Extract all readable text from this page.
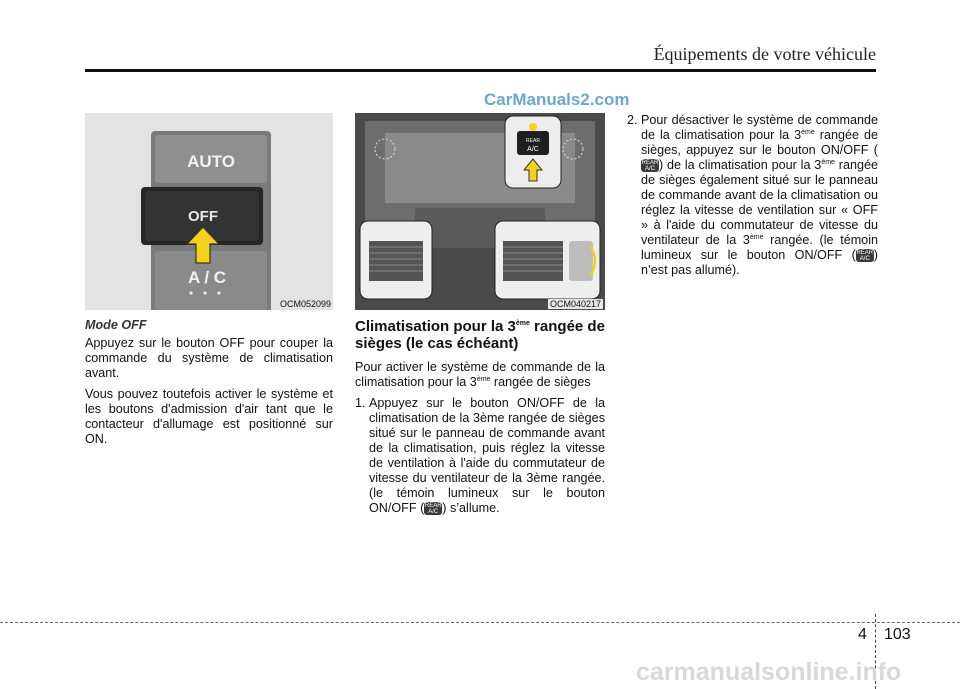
Équipements de votre véhicule
CarManuals2.com
AUTO
OFF
A / C
OCM052099
REAR
A/C
OCM040217

Mode OFF

Appuyez sur le bouton OFF pour couper la commande du système de climatisation avant.

Vous pouvez toutefois activer le système et les boutons d'admission d'air tant que le contacteur d'allumage est positionné sur ON.

Climatisation pour la 3ème rangée de sièges (le cas échéant)

Pour activer le système de commande de la climatisation pour la 3ème rangée de sièges

1. Appuyez sur le bouton ON/OFF de la climatisation de la 3ème rangée de sièges situé sur le panneau de commande avant de la climatisation, puis réglez la vitesse de ventilation à l'aide du commutateur de vitesse du ventilateur de la 3ème rangée. (le témoin lumineux sur le bouton ON/OFF ( REAR
A/C ) s’allume.
2. Pour désactiver le système de commande de la climatisation pour la 3ème rangée de sièges, appuyez sur le bouton ON/OFF (
REAR
A/C ) de la climatisation pour la 3ème rangée de sièges également situé sur le panneau de commande avant de la climatisation ou réglez la vitesse de ventilation sur « OFF » à l'aide du commutateur de vitesse du ventilateur de la 3ème rangée. (le témoin lumineux sur le bouton ON/OFF ( REAR
A/C ) n’est pas allumé).
4 103
carmanualsonline.info
